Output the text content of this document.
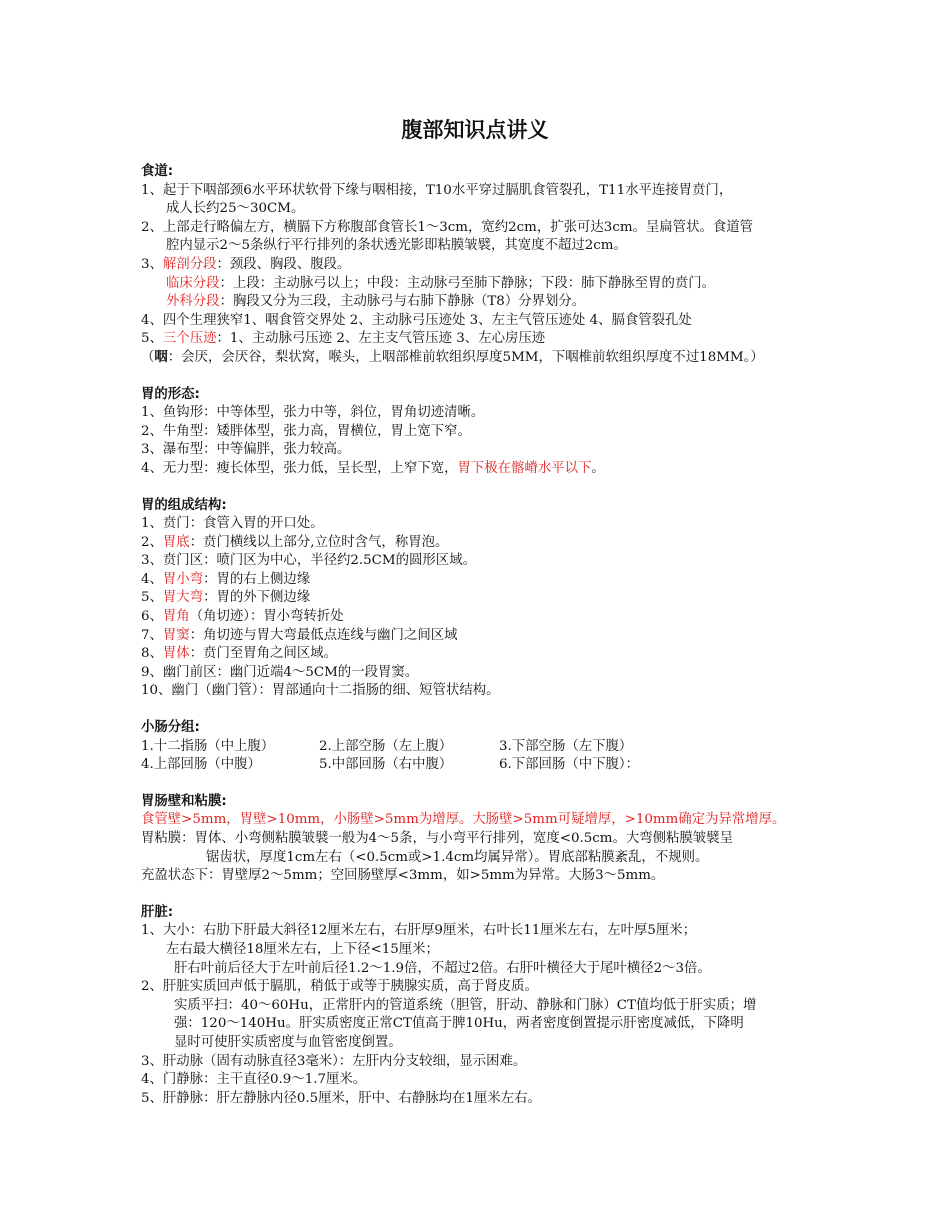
腹部知识点讲义
食道:
1、起于下咽部颈6水平环状软骨下缘与咽相接，T10水平穿过膈肌食管裂孔，T11水平连接胃贲门，
成人长约25～30CM。
2、上部走行略偏左方，横膈下方称腹部食管长1～3cm，宽约2cm，扩张可达3cm。呈扁管状。食道管
腔内显示2～5条纵行平行排列的条状透光影即粘膜皱襞，其宽度不超过2cm。
3、解剖分段：颈段、胸段、腹段。
临床分段：上段：主动脉弓以上；中段：主动脉弓至肺下静脉；下段：肺下静脉至胃的贲门。
外科分段：胸段又分为三段，主动脉弓与右肺下静脉（T8）分界划分。
4、四个生理狭窄1、咽食管交界处 2、主动脉弓压迹处 3、左主气管压迹处 4、膈食管裂孔处
5、三个压迹：1、主动脉弓压迹 2、左主支气管压迹 3、左心房压迹
（咽：会厌，会厌谷，梨状窝，喉头，上咽部椎前软组织厚度5MM，下咽椎前软组织厚度不过18MM。）
胃的形态:
1、鱼钩形：中等体型，张力中等，斜位，胃角切迹清晰。
2、牛角型：矮胖体型，张力高，胃横位，胃上宽下窄。
3、瀑布型：中等偏胖，张力较高。
4、无力型：瘦长体型，张力低，呈长型，上窄下宽，胃下极在髂嵴水平以下。
胃的组成结构:
1、贲门：食管入胃的开口处。
2、胃底：贲门横线以上部分,立位时含气，称胃泡。
3、贲门区：喷门区为中心，半径约2.5CM的圆形区域。
4、胃小弯：胃的右上侧边缘
5、胃大弯：胃的外下侧边缘
6、胃角（角切迹）：胃小弯转折处
7、胃窦：角切迹与胃大弯最低点连线与幽门之间区域
8、胃体：贲门至胃角之间区域。
9、幽门前区：幽门近端4～5CM的一段胃窦。
10、幽门（幽门管）：胃部通向十二指肠的细、短管状结构。
小肠分组:
1.十二指肠（中上腹）	2.上部空肠（左上腹）	3.下部空肠（左下腹）
4.上部回肠（中腹）	5.中部回肠（右中腹）	6.下部回肠（中下腹）：
胃肠壁和粘膜:
食管壁>5mm，胃壁>10mm，小肠壁>5mm为增厚。大肠壁>5mm可疑增厚，>10mm确定为异常增厚。
胃粘膜：胃体、小弯侧粘膜皱襞一般为4～5条，与小弯平行排列，宽度<0.5cm。大弯侧粘膜皱襞呈
锯齿状，厚度1cm左右（<0.5cm或>1.4cm均属异常）。胃底部粘膜紊乱，不规则。
充盈状态下：胃壁厚2～5mm；空回肠壁厚<3mm，如>5mm为异常。大肠3～5mm。
肝脏:
1、大小：右肋下肝最大斜径12厘米左右，右肝厚9厘米，右叶长11厘米左右，左叶厚5厘米；
左右最大横径18厘米左右，上下径<15厘米；
肝右叶前后径大于左叶前后径1.2～1.9倍，不超过2倍。右肝叶横径大于尾叶横径2～3倍。
2、肝脏实质回声低于膈肌，稍低于或等于胰腺实质，高于肾皮质。
实质平扫：40～60Hu，正常肝内的管道系统（胆管，肝动、静脉和门脉）CT值均低于肝实质；增
强：120～140Hu。肝实质密度正常CT值高于脾10Hu，两者密度倒置提示肝密度减低，下降明
显时可使肝实质密度与血管密度倒置。
3、肝动脉（固有动脉直径3毫米）：左肝内分支较细，显示困难。
4、门静脉：主干直径0.9～1.7厘米。
5、肝静脉：肝左静脉内径0.5厘米，肝中、右静脉均在1厘米左右。
